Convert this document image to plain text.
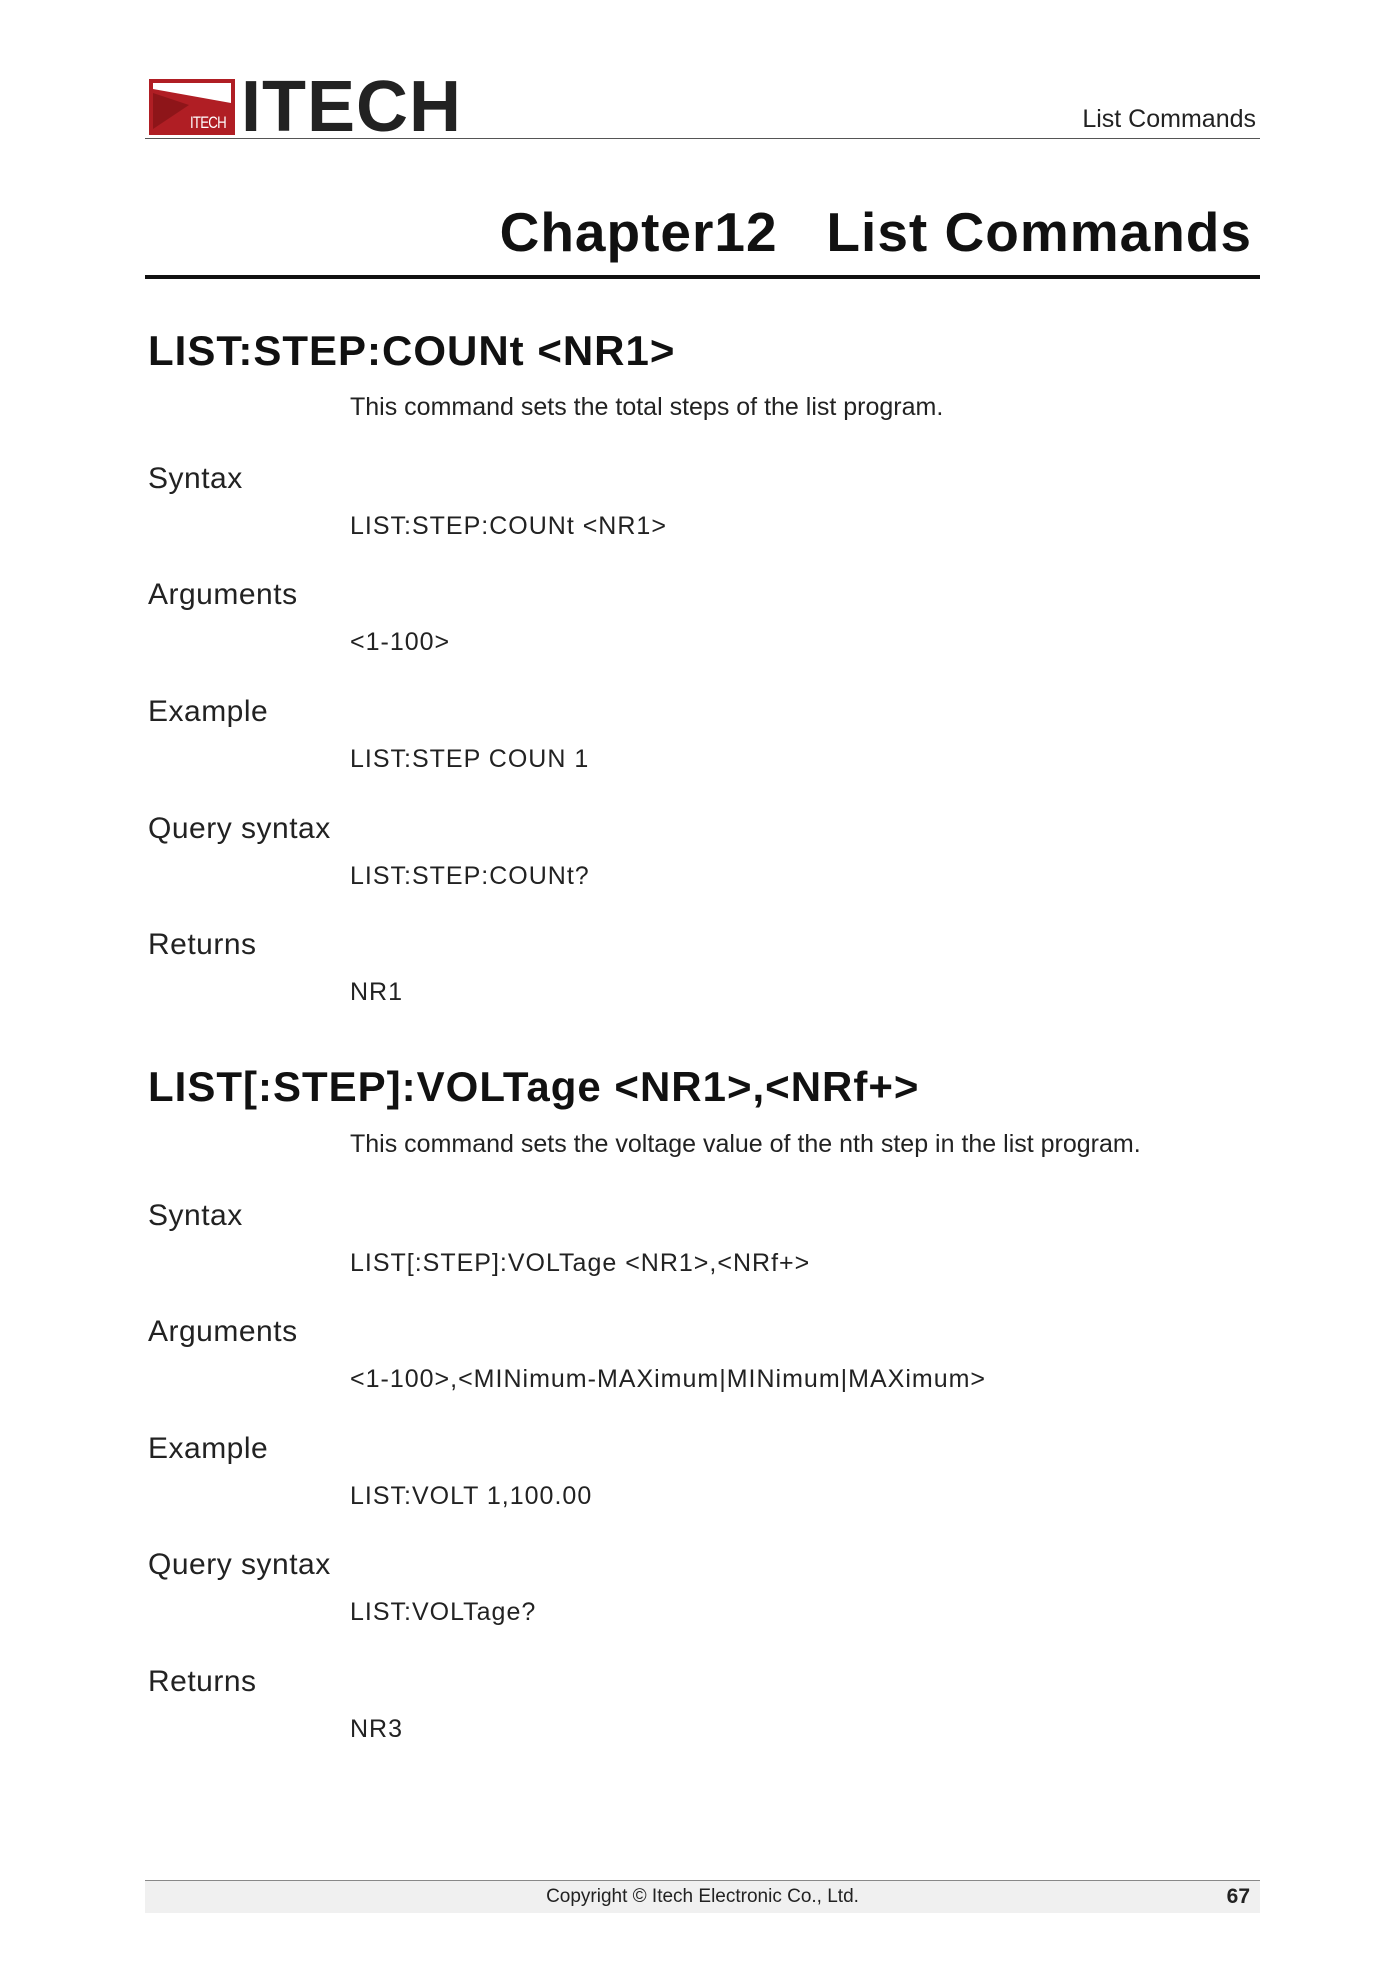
ITECH ITECH	List Commands
Chapter12   List Commands
LIST:STEP:COUNt <NR1>
This command sets the total steps of the list program.
Syntax
LIST:STEP:COUNt <NR1>
Arguments
<1-100>
Example
LIST:STEP COUN 1
Query syntax
LIST:STEP:COUNt?
Returns
NR1
LIST[:STEP]:VOLTage <NR1>,<NRf+>
This command sets the voltage value of the nth step in the list program.
Syntax
LIST[:STEP]:VOLTage <NR1>,<NRf+>
Arguments
<1-100>,<MINimum-MAXimum|MINimum|MAXimum>
Example
LIST:VOLT 1,100.00
Query syntax
LIST:VOLTage?
Returns
NR3
Copyright © Itech Electronic Co., Ltd.	67
